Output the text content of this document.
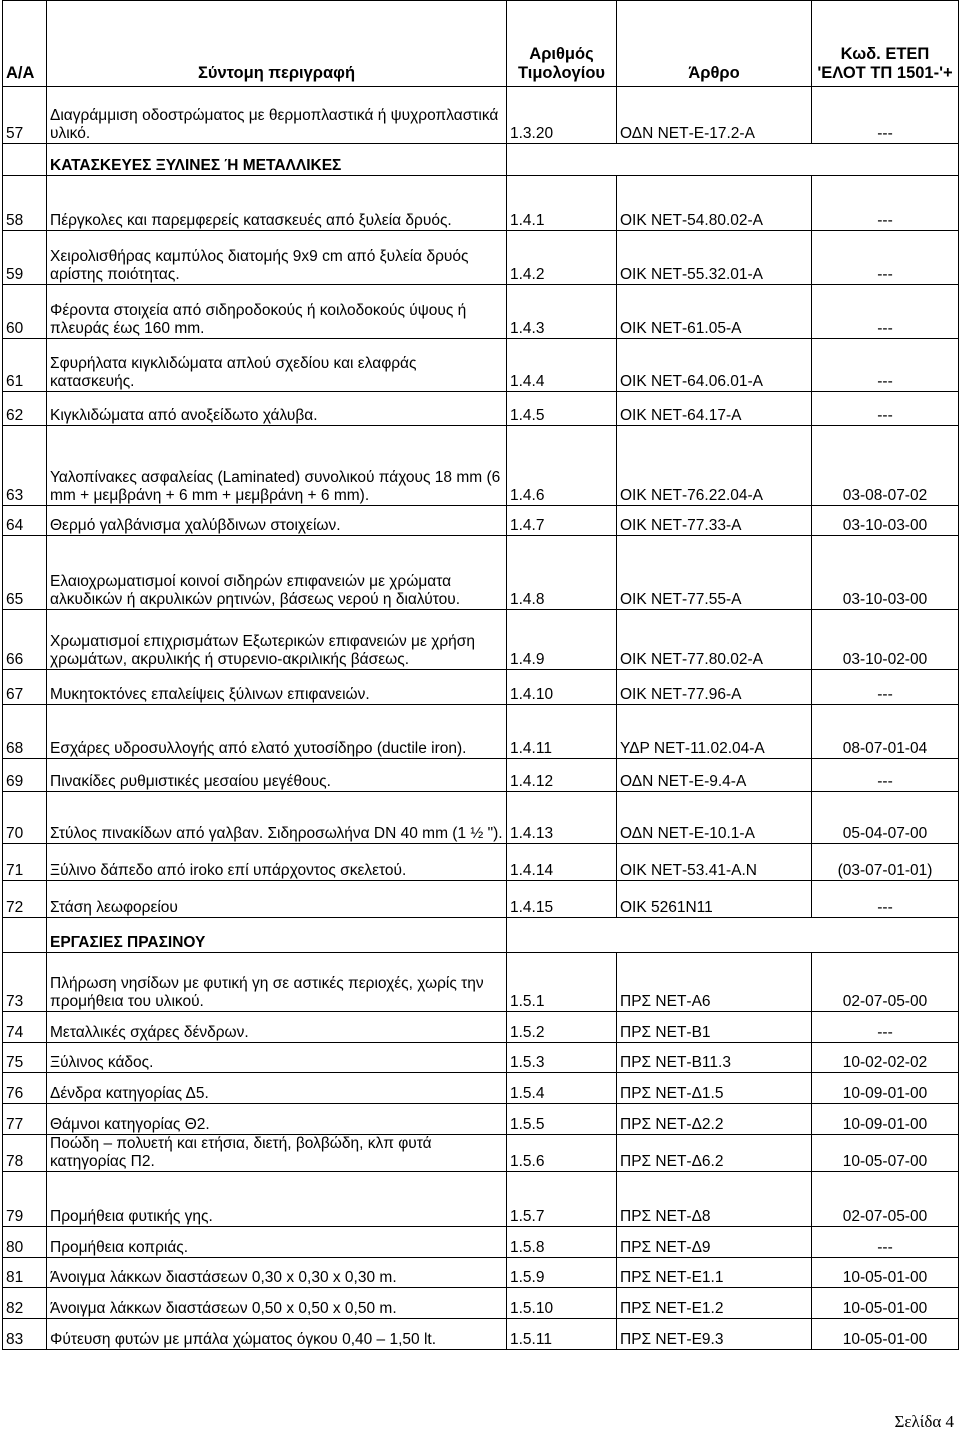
Α/Α	Σύντομη περιγραφή	Αριθμός Τιμολογίου	Άρθρο	Κωδ. ΕΤΕΠ 'ΕΛΟΤ ΤΠ 1501-'+
57	Διαγράμμιση οδοστρώματος με θερμοπλαστικά ή ψυχροπλαστικά υλικό.	1.3.20	ΟΔΝ ΝΕΤ-Ε-17.2-Α	---
	ΚΑΤΑΣΚΕΥΕΣ ΞΥΛΙΝΕΣ Ή ΜΕΤΑΛΛΙΚΕΣ			
58	Πέργκολες και παρεμφερείς κατασκευές από ξυλεία δρυός.	1.4.1	ΟΙΚ ΝΕΤ-54.80.02-Α	---
59	Χειρολισθήρας καμπύλος διατομής 9x9 cm από ξυλεία δρυός αρίστης ποιότητας.	1.4.2	ΟΙΚ ΝΕΤ-55.32.01-Α	---
60	Φέροντα στοιχεία από σιδηροδοκούς ή κοιλοδοκούς ύψους ή πλευράς έως 160 mm.	1.4.3	ΟΙΚ ΝΕΤ-61.05-Α	---
61	Σφυρήλατα κιγκλιδώματα απλού σχεδίου και ελαφράς κατασκευής.	1.4.4	ΟΙΚ ΝΕΤ-64.06.01-Α	---
62	Κιγκλιδώματα από ανοξείδωτο χάλυβα.	1.4.5	ΟΙΚ ΝΕΤ-64.17-Α	---
63	Υαλοπίνακες ασφαλείας (Laminated) συνολικού πάχους 18 mm (6 mm + μεμβράνη + 6 mm + μεμβράνη + 6 mm).	1.4.6	ΟΙΚ ΝΕΤ-76.22.04-Α	03-08-07-02
64	Θερμό γαλβάνισμα χαλύβδινων στοιχείων.	1.4.7	ΟΙΚ ΝΕΤ-77.33-Α	03-10-03-00
65	Ελαιοχρωματισμοί κοινοί σιδηρών επιφανειών με χρώματα αλκυδικών ή ακρυλικών ρητινών, βάσεως νερού η διαλύτου.	1.4.8	ΟΙΚ ΝΕΤ-77.55-Α	03-10-03-00
66	Χρωματισμοί επιχρισμάτων Εξωτερικών επιφανειών με χρήση χρωμάτων, ακρυλικής ή στυρενιο-ακριλικής βάσεως.	1.4.9	ΟΙΚ ΝΕΤ-77.80.02-Α	03-10-02-00
67	Μυκητοκτόνες επαλείψεις ξύλινων επιφανειών.	1.4.10	ΟΙΚ ΝΕΤ-77.96-Α	---
68	Εσχάρες υδροσυλλογής από ελατό χυτοσίδηρο (ductile iron).	1.4.11	ΥΔΡ ΝΕΤ-11.02.04-Α	08-07-01-04
69	Πινακίδες ρυθμιστικές μεσαίου μεγέθους.	1.4.12	ΟΔΝ ΝΕΤ-Ε-9.4-Α	---
70	Στύλος πινακίδων από γαλβαν. Σιδηροσωλήνα DN 40 mm (1 ½ ").	1.4.13	ΟΔΝ ΝΕΤ-Ε-10.1-Α	05-04-07-00
71	Ξύλινο δάπεδο από iroko επί υπάρχοντος σκελετού.	1.4.14	ΟΙΚ ΝΕΤ-53.41-Α.Ν	(03-07-01-01)
72	Στάση λεωφορείου	1.4.15	ΟΙΚ 5261Ν11	---
	ΕΡΓΑΣΙΕΣ ΠΡΑΣΙΝΟΥ			
73	Πλήρωση νησίδων με φυτική γη σε αστικές περιοχές, χωρίς την προμήθεια του υλικού.	1.5.1	ΠΡΣ ΝΕΤ-Α6	02-07-05-00
74	Μεταλλικές σχάρες δένδρων.	1.5.2	ΠΡΣ ΝΕΤ-Β1	---
75	Ξύλινος κάδος.	1.5.3	ΠΡΣ ΝΕΤ-Β11.3	10-02-02-02
76	Δένδρα κατηγορίας Δ5.	1.5.4	ΠΡΣ ΝΕΤ-Δ1.5	10-09-01-00
77	Θάμνοι κατηγορίας Θ2.	1.5.5	ΠΡΣ ΝΕΤ-Δ2.2	10-09-01-00
78	Ποώδη – πολυετή και ετήσια, διετή, βολβώδη, κλπ φυτά κατηγορίας Π2.	1.5.6	ΠΡΣ ΝΕΤ-Δ6.2	10-05-07-00
79	Προμήθεια φυτικής γης.	1.5.7	ΠΡΣ ΝΕΤ-Δ8	02-07-05-00
80	Προμήθεια κοπριάς.	1.5.8	ΠΡΣ ΝΕΤ-Δ9	---
81	Άνοιγμα λάκκων διαστάσεων 0,30 x 0,30 x 0,30 m.	1.5.9	ΠΡΣ ΝΕΤ-Ε1.1	10-05-01-00
82	Άνοιγμα λάκκων διαστάσεων 0,50 x 0,50 x 0,50 m.	1.5.10	ΠΡΣ ΝΕΤ-Ε1.2	10-05-01-00
83	Φύτευση φυτών με μπάλα χώματος όγκου 0,40 – 1,50 lt.	1.5.11	ΠΡΣ ΝΕΤ-Ε9.3	10-05-01-00
Σελίδα 4
